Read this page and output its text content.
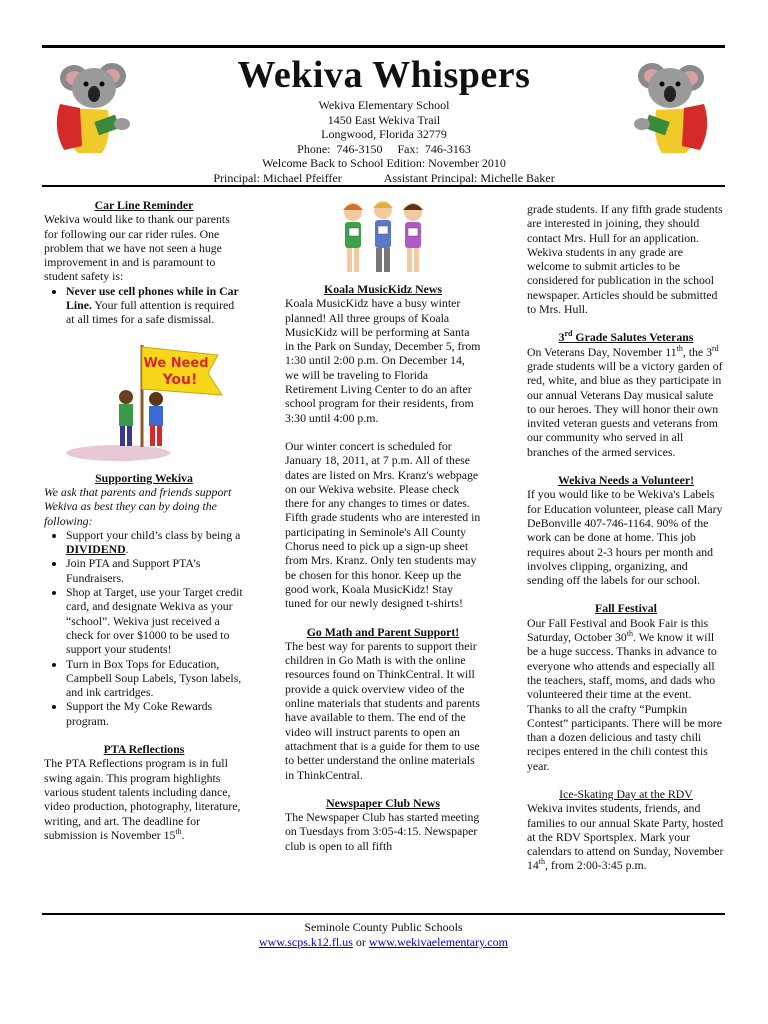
Wekiva Whispers
Wekiva Elementary School
1450 East Wekiva Trail
Longwood, Florida 32779
Phone:  746-3150     Fax:  746-3163
Welcome Back to School Edition: November 2010
Principal: Michael Pfeiffer	Assistant Principal: Michelle Baker

Car Line Reminder

Wekiva would like to thank our parents for following our car rider rules. One problem that we have not seen a huge improvement in and is paramount to student safety is:

• Never use cell phones while in Car Line. Your full attention is required at all times for a safe dismissal.
We Need
You!

Supporting Wekiva

We ask that parents and friends support Wekiva as best they can by doing the following:

• Support your child’s class by being a DIVIDEND.
• Join PTA and Support PTA’s Fundraisers.
• Shop at Target, use your Target credit card, and designate Wekiva as your “school”. Wekiva just received a check for over $1000 to be used to support your students!
• Turn in Box Tops for Education, Campbell Soup Labels, Tyson labels, and ink cartridges.
• Support the My Coke Rewards program.

PTA Reflections

The PTA Reflections program is in full swing again. This program highlights various student talents including dance, video production, photography, literature, writing, and art. The deadline for submission is November 15th.

Koala MusicKidz News

Koala MusicKidz have a busy winter planned! All three groups of Koala MusicKidz will be performing at Santa in the Park on Sunday, December 5, from 1:30 until 2:00 p.m. On December 14, we will be traveling to Florida Retirement Living Center to do an after school program for their residents, from 3:30 until 4:00 p.m.

Our winter concert is scheduled for January 18, 2011, at 7 p.m. All of these dates are listed on Mrs. Kranz's webpage on our Wekiva website. Please check there for any changes to times or dates.

Fifth grade students who are interested in participating in Seminole's All County Chorus need to pick up a sign-up sheet from Mrs. Kranz. Only ten students may be chosen for this honor. Keep up the good work, Koala MusicKidz! Stay tuned for our newly designed t-shirts!

Go Math and Parent Support!

The best way for parents to support their children in Go Math is with the online resources found on ThinkCentral. It will provide a quick overview video of the online materials that students and parents have available to them. The end of the video will instruct parents to open an attachment that is a guide for them to use to better understand the online materials in ThinkCentral.

Newspaper Club News

The Newspaper Club has started meeting on Tuesdays from 3:05-4:15. Newspaper club is open to all fifth

grade students. If any fifth grade students are interested in joining, they should contact Mrs. Hull for an application. Wekiva students in any grade are welcome to submit articles to be considered for publication in the school newspaper. Articles should be submitted to Mrs. Hull.

3rd Grade Salutes Veterans

On Veterans Day, November 11th, the 3rd grade students will be a victory garden of red, white, and blue as they participate in our annual Veterans Day musical salute to our heroes. They will honor their own invited veteran guests and veterans from our community who served in all branches of the armed services.

Wekiva Needs a Volunteer!

If you would like to be Wekiva's Labels for Education volunteer, please call Mary DeBonville 407-746-1164. 90% of the work can be done at home. This job requires about 2-3 hours per month and involves clipping, organizing, and sending off the labels for our school.

Fall Festival

Our Fall Festival and Book Fair is this Saturday, October 30th. We know it will be a huge success. Thanks in advance to everyone who attends and especially all the teachers, staff, moms, and dads who volunteered their time at the event. Thanks to all the crafty “Pumpkin Contest” participants. There will be more than a dozen delicious and tasty chili recipes entered in the chili contest this year.

Ice-Skating Day at the RDV

Wekiva invites students, friends, and families to our annual Skate Party, hosted at the RDV Sportsplex. Mark your calendars to attend on Sunday, November 14th, from 2:00-3:45 p.m.

Seminole County Public Schools
www.scps.k12.fl.us or www.wekivaelementary.com
